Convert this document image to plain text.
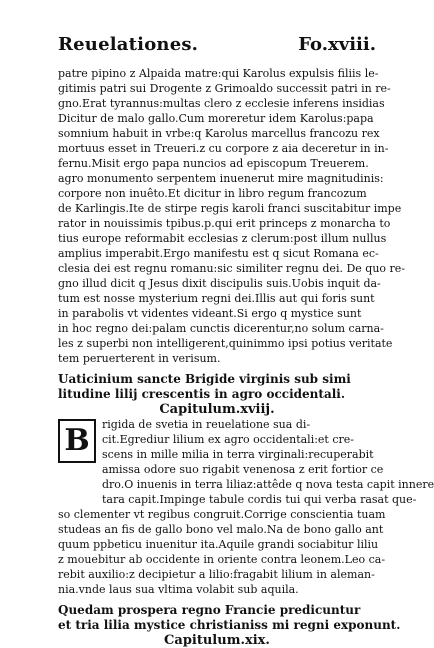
Reuelationes.	Fo.xviii.
patre pipino z Alpaida matre:qui Karolus expulsis filiis le-
gitimis patri sui Drogente z Grimoaldo successit patri in re-
gno.Erat tyrannus:multas clero z ecclesie inferens insidias
Dicitur de malo gallo.Cum moreretur idem Karolus:papa
somnium habuit in vrbe:q Karolus marcellus francozu rex
mortuus esset in Treueri.z cu corpore z aia deceretur in in-
fernu.Misit ergo papa nuncios ad episcopum Treuerem.
agro monumento serpentem inuenerut mire magnitudinis:
corpore non inuêto.Et dicitur in libro regum francozum
de Karlingis.Ite de stirpe regis karoli franci suscitabitur impe
rator in nouissimis tpibus.p.qui erit princeps z monarcha to
tius europe reformabit ecclesias z clerum:post illum nullus
amplius imperabit.Ergo manifestu est q sicut Romana ec-
clesia dei est regnu romanu:sic similiter regnu dei. De quo re-
gno illud dicit q Jesus dixit discipulis suis.Uobis inquit da-
tum est nosse mysterium regni dei.Illis aut qui foris sunt
in parabolis vt videntes videant.Si ergo q mystice sunt
in hoc regno dei:palam cunctis dicerentur,no solum carna-
les z superbi non intelligerent,quinimmo ipsi potius veritate
tem peruerterent in verisum.
Uaticinium sancte Brigide virginis sub simi
litudine lilij crescentis in agro occidentali.
Capitulum.xviij.
B rigida de svetia in reuelatione sua di-
cit.Egrediur lilium ex agro occidentali:et cre-
scens in mille milia in terra virginali:recuperabit
amissa odore suo rigabit venenosa z erit fortior ce
dro.O inuenis in terra liliaz:attêde q nova testa capit innere
tara capit.Impinge tabule cordis tui qui verba rasat que-
so clementer vt regibus congruit.Corrige conscientia tuam
studeas an fis de gallo bono vel malo.Na de bono gallo ant
quum ppbeticu inuenitur ita.Aquile grandi sociabitur liliu
z mouebitur ab occidente in oriente contra leonem.Leo ca-
rebit auxilio:z decipietur a lilio:fragabit lilium in aleman-
nia.vnde laus sua vltima volabit sub aquila.
Quedam prospera regno Francie predicuntur
et tria lilia mystice christianiss mi regni exponunt.
Capitulum.xix.
